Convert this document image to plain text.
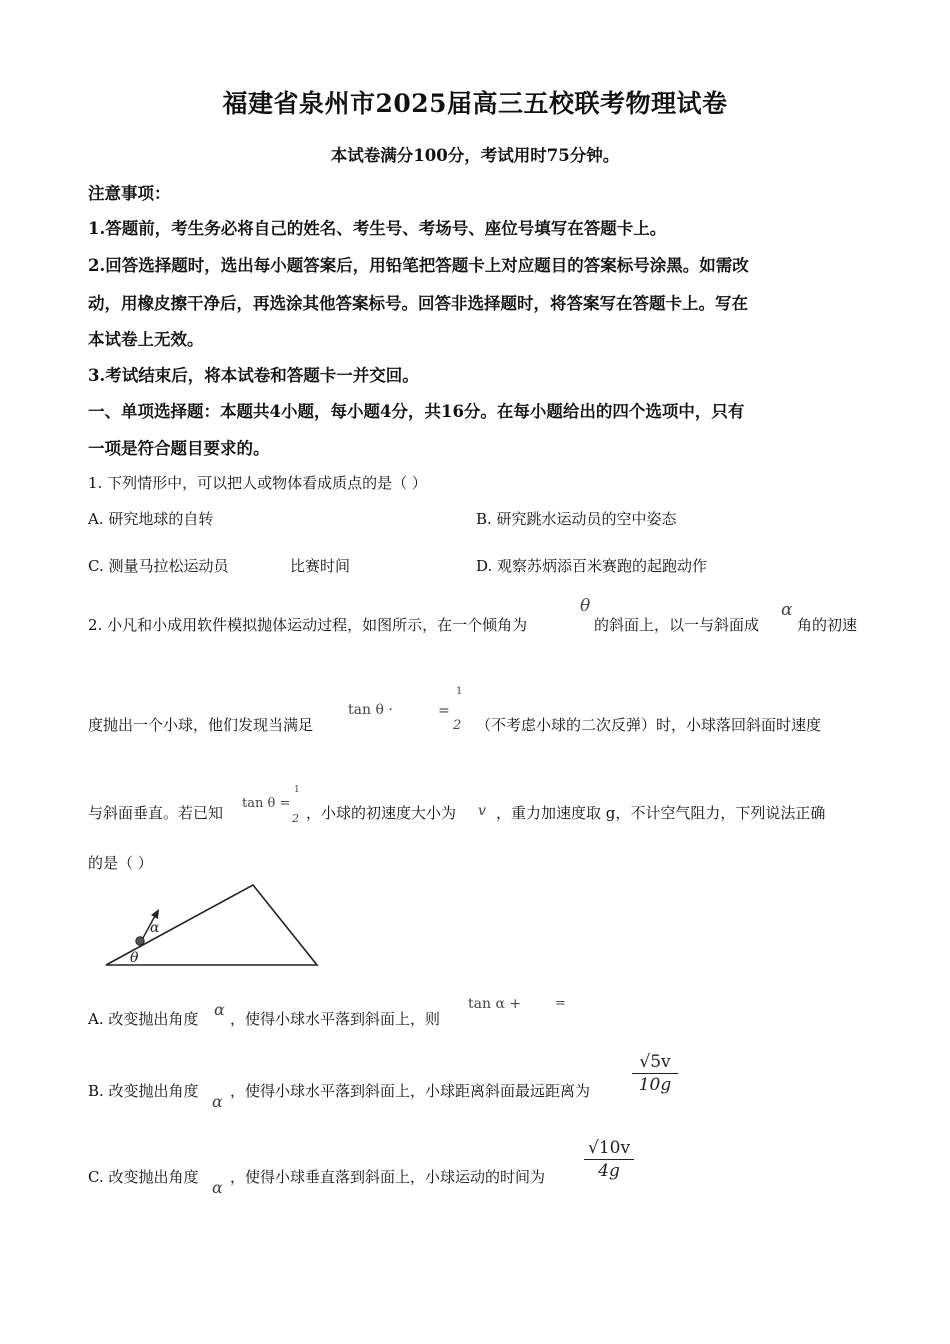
福建省泉州市2025届高三五校联考物理试卷
本试卷满分100分，考试用时75分钟。
注意事项：
1.答题前，考生务必将自己的姓名、考生号、考场号、座位号填写在答题卡上。
2.回答选择题时，选出每小题答案后，用铅笔把答题卡上对应题目的答案标号涂黑。如需改
动，用橡皮擦干净后，再选涂其他答案标号。回答非选择题时，将答案写在答题卡上。写在
本试卷上无效。
3.考试结束后，将本试卷和答题卡一并交回。
一、单项选择题：本题共4小题，每小题4分，共16分。在每小题给出的四个选项中，只有
一项是符合题目要求的。
1. 下列情形中，可以把人或物体看成质点的是（ ）
A. 研究地球的自转	B. 研究跳水运动员的空中姿态
C. 测量马拉松运动员	比赛时间	D. 观察苏炳添百米赛跑的起跑动作
2. 小凡和小成用软件模拟抛体运动过程，如图所示，在一个倾角为
θ
的斜面上，以一与斜面成
α
角的初速
度抛出一个小球，他们发现当满足
tan θ ·	=
1
2 （不考虑小球的二次反弹）时，小球落回斜面时速度
与斜面垂直。若已知
tan θ =
1
2 ，小球的初速度大小为 v ，重力加速度取 g，不计空气阻力，下列说法正确
的是（ ）
α
θ
A. 改变抛出角度 α ，使得小球水平落到斜面上，则
tan α +	=
B. 改变抛出角度
α
，使得小球水平落到斜面上，小球距离斜面最远距离为
√5v
10g
C. 改变抛出角度
α
，使得小球垂直落到斜面上，小球运动的时间为
√10v
4g
